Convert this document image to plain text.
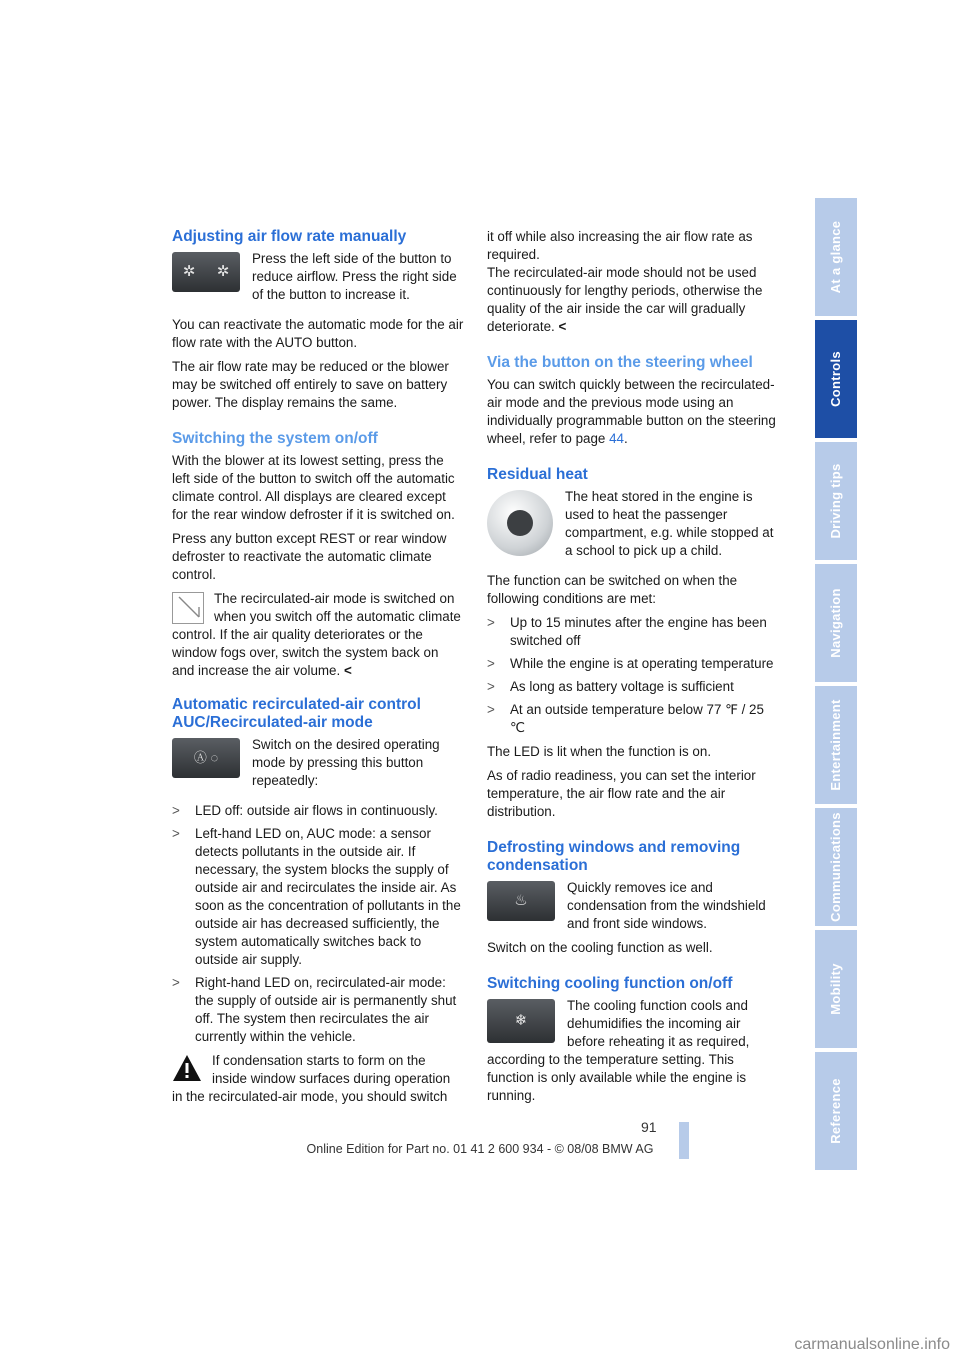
Adjusting air flow rate manually
✲ ✲

Press the left side of the button to reduce airflow. Press the right side of the button to increase it.

You can reactivate the automatic mode for the air flow rate with the AUTO button.

The air flow rate may be reduced or the blower may be switched off entirely to save on battery power. The display remains the same.

Switching the system on/off

With the blower at its lowest setting, press the left side of the button to switch off the automatic climate control. All displays are cleared except for the rear window defroster if it is switched on.

Press any button except REST or rear window defroster to reactivate the automatic climate control.

The recirculated-air mode is switched on when you switch off the automatic climate control. If the air quality deteriorates or the window fogs over, switch the system back on and increase the air volume. <
Automatic recirculated-air control AUC/Recirculated-air mode
Ⓐ ◌

Switch on the desired operating mode by pressing this button repeatedly:

> LED off: outside air flows in continuously.
> Left-hand LED on, AUC mode: a sensor detects pollutants in the outside air. If necessary, the system blocks the supply of outside air and recirculates the inside air. As soon as the concentration of pollutants in the outside air has decreased sufficiently, the system automatically switches back to outside air supply.
> Right-hand LED on, recirculated-air mode: the supply of outside air is permanently shut off. The system then recirculates the air currently within the vehicle.
If condensation starts to form on the inside window surfaces during operation in the recirculated-air mode, you should switch

it off while also increasing the air flow rate as required.

The recirculated-air mode should not be used continuously for lengthy periods, otherwise the quality of the air inside the car will gradually deteriorate. <

Via the button on the steering wheel

You can switch quickly between the recirculated-air mode and the previous mode using an individually programmable button on the steering wheel, refer to page 44.

Residual heat

The heat stored in the engine is used to heat the passenger compartment, e.g. while stopped at a school to pick up a child.

The function can be switched on when the following conditions are met:

> Up to 15 minutes after the engine has been switched off
> While the engine is at operating temperature
> As long as battery voltage is sufficient
> At an outside temperature below 77 ℉ / 25 ℃

The LED is lit when the function is on.

As of radio readiness, you can set the interior temperature, the air flow rate and the air distribution.

Defrosting windows and removing condensation
♨

Quickly removes ice and condensation from the windshield and front side windows.

Switch on the cooling function as well.

Switching cooling function on/off
❄
The cooling function cools and dehumidifies the incoming air before reheating it as required, according to the temperature setting. This function is only available while the engine is running.
At a glance
Controls
Driving tips
Navigation
Entertainment
Communications
Mobility
Reference
91
Online Edition for Part no. 01 41 2 600 934 - © 08/08 BMW AG
carmanualsonline.info
